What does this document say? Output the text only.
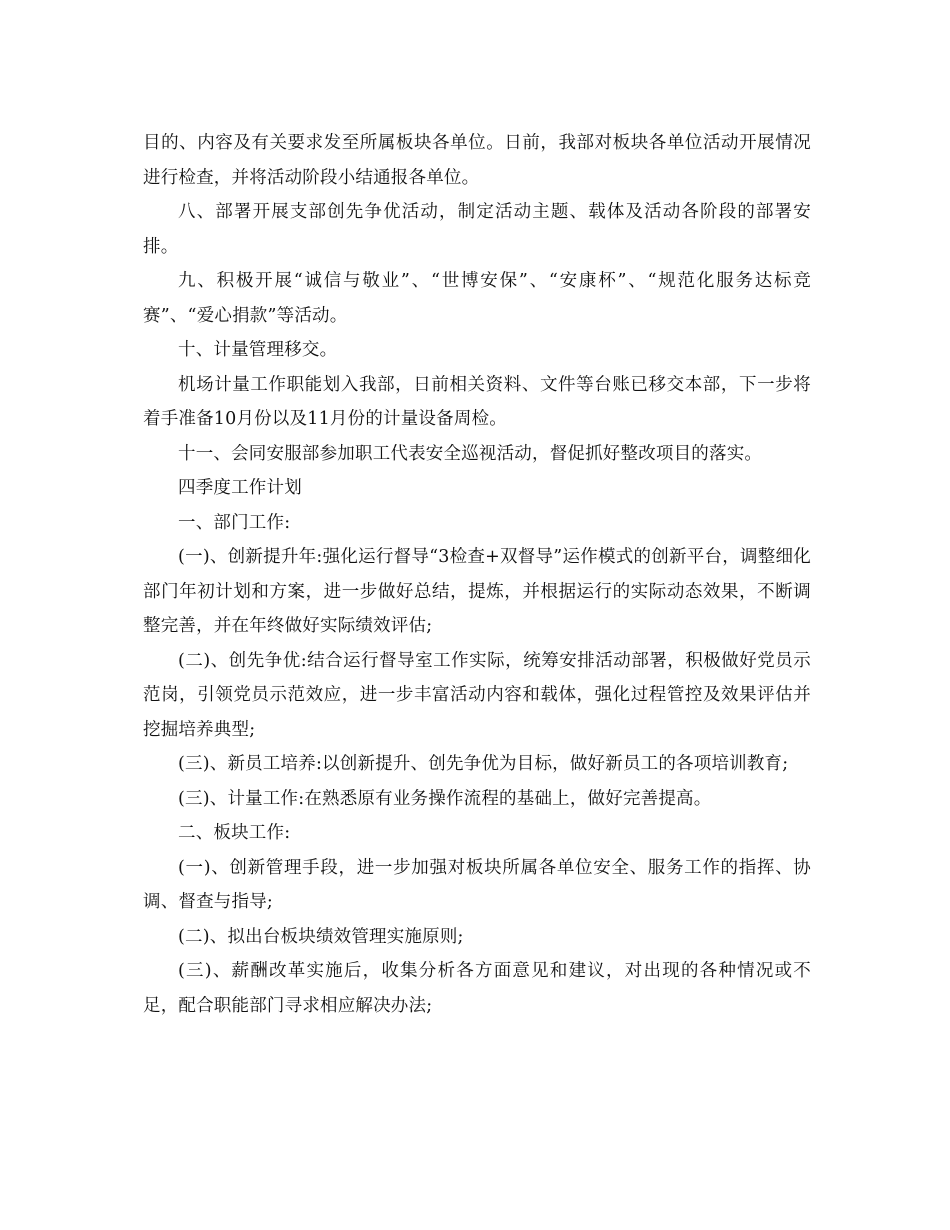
目的、内容及有关要求发至所属板块各单位。日前，我部对板块各单位活动开展情况进行检查，并将活动阶段小结通报各单位。

八、部署开展支部创先争优活动，制定活动主题、载体及活动各阶段的部署安排。

九、积极开展“诚信与敬业”、“世博安保”、“安康杯”、“规范化服务达标竞赛”、“爱心捐款”等活动。

十、计量管理移交。

机场计量工作职能划入我部，日前相关资料、文件等台账已移交本部，下一步将着手准备10月份以及11月份的计量设备周检。

十一、会同安服部参加职工代表安全巡视活动，督促抓好整改项目的落实。

四季度工作计划

一、部门工作:

(一)、创新提升年:强化运行督导“3检查+双督导”运作模式的创新平台，调整细化部门年初计划和方案，进一步做好总结，提炼，并根据运行的实际动态效果，不断调整完善，并在年终做好实际绩效评估;

(二)、创先争优:结合运行督导室工作实际，统筹安排活动部署，积极做好党员示范岗，引领党员示范效应，进一步丰富活动内容和载体，强化过程管控及效果评估并挖掘培养典型;

(三)、新员工培养:以创新提升、创先争优为目标，做好新员工的各项培训教育;

(三)、计量工作:在熟悉原有业务操作流程的基础上，做好完善提高。

二、板块工作:

(一)、创新管理手段，进一步加强对板块所属各单位安全、服务工作的指挥、协调、督查与指导;

(二)、拟出台板块绩效管理实施原则;

(三)、薪酬改革实施后，收集分析各方面意见和建议，对出现的各种情况或不足，配合职能部门寻求相应解决办法;
